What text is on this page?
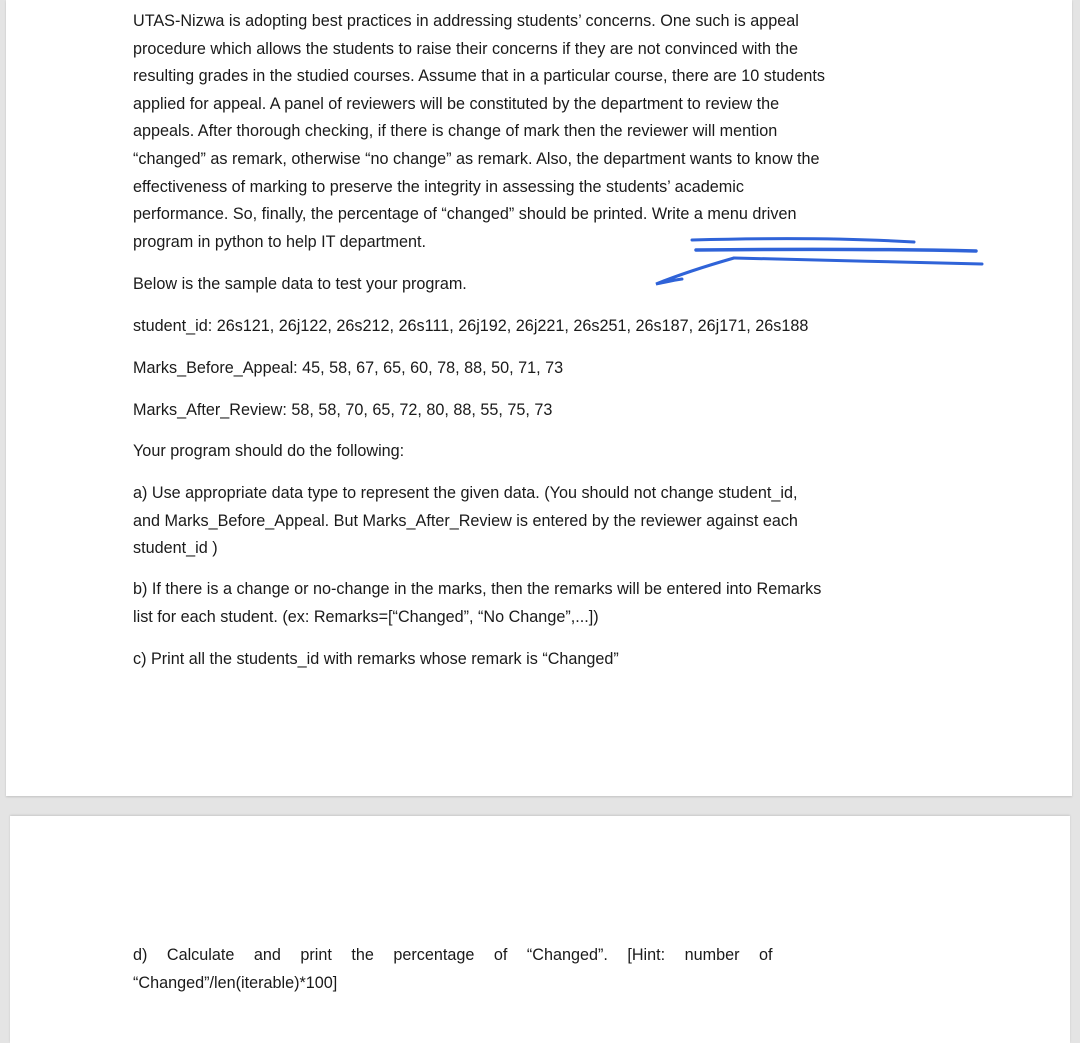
UTAS-Nizwa is adopting best practices in addressing students’ concerns. One such is appeal
procedure which allows the students to raise their concerns if they are not convinced with the
resulting grades in the studied courses. Assume that in a particular course, there are 10 students
applied for appeal. A panel of reviewers will be constituted by the department to review the
appeals. After thorough checking, if there is change of mark then the reviewer will mention
“changed” as remark, otherwise “no change” as remark. Also, the department wants to know the
effectiveness of marking to preserve the integrity in assessing the students’ academic
performance. So, finally, the percentage of “changed” should be printed. Write a menu driven
program in python to help IT department.

Below is the sample data to test your program.

student_id: 26s121, 26j122, 26s212, 26s111, 26j192, 26j221, 26s251, 26s187, 26j171, 26s188

Marks_Before_Appeal: 45, 58, 67, 65, 60, 78, 88, 50, 71, 73

Marks_After_Review: 58, 58, 70, 65, 72, 80, 88, 55, 75, 73

Your program should do the following:

a) Use appropriate data type to represent the given data. (You should not change student_id,
and Marks_Before_Appeal. But Marks_After_Review is entered by the reviewer against each
student_id )
b) If there is a change or no-change in the marks, then the remarks will be entered into Remarks
list for each student. (ex: Remarks=[“Changed”, “No Change”,...])

c) Print all the students_id with remarks whose remark is “Changed”

d) Calculate and print the percentage of “Changed”. [Hint: number of
“Changed”/len(iterable)*100]
